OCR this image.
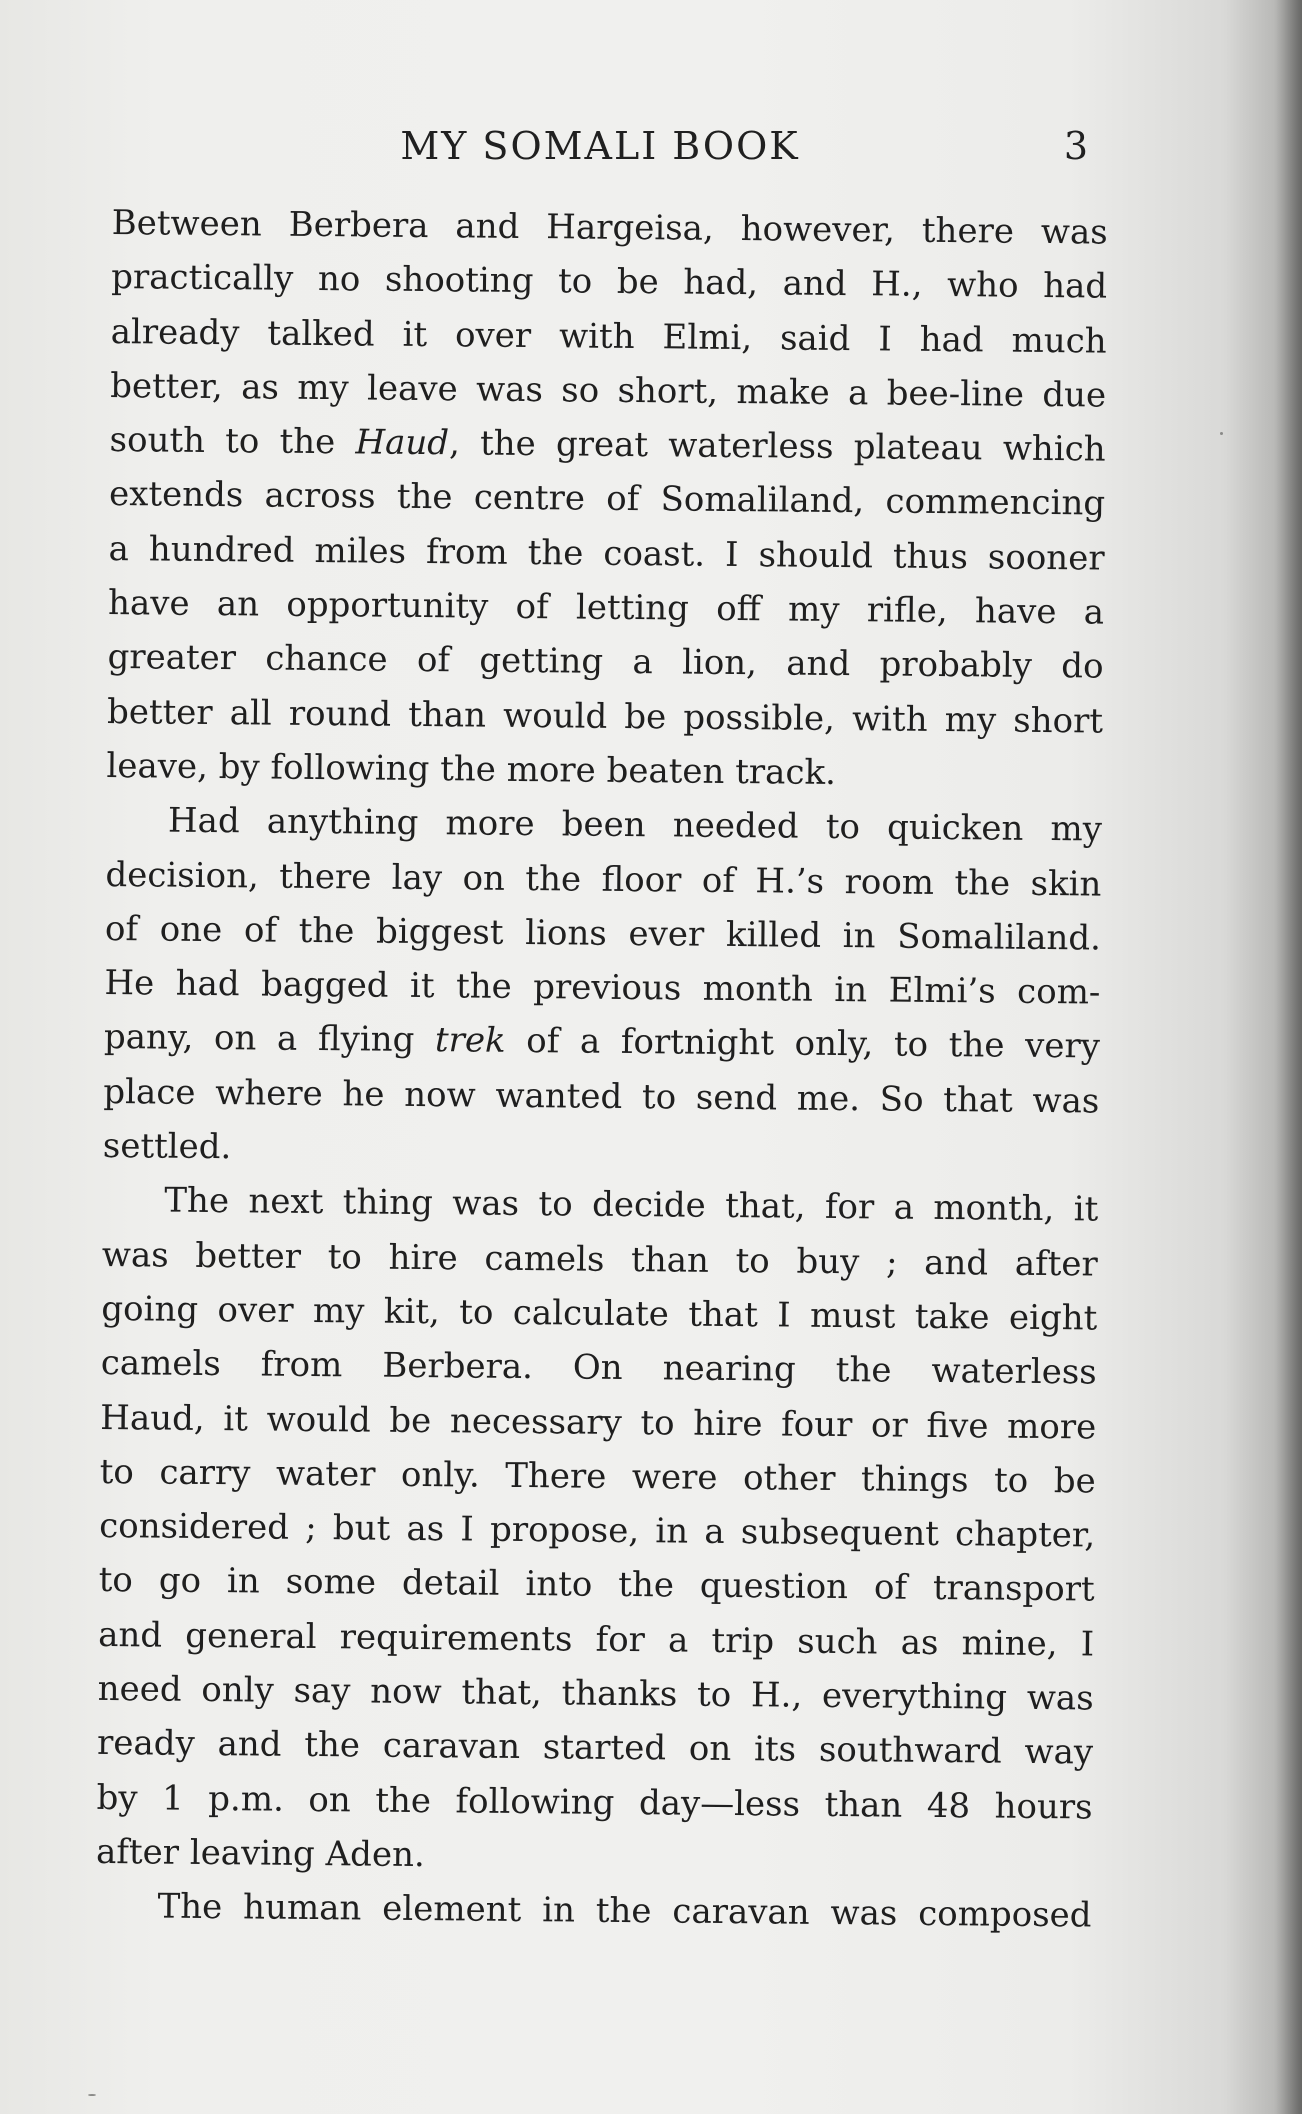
MY SOMALI BOOK	3

Between Berbera and Hargeisa, however, there was
practically no shooting to be had, and H., who had
already talked it over with Elmi, said I had much
better, as my leave was so short, make a bee-line due
south to the Haud, the great waterless plateau which
extends across the centre of Somaliland, commencing
a hundred miles from the coast. I should thus sooner
have an opportunity of letting off my rifle, have a
greater chance of getting a lion, and probably do
better all round than would be possible, with my short
leave, by following the more beaten track.

Had anything more been needed to quicken my
decision, there lay on the floor of H.’s room the skin
of one of the biggest lions ever killed in Somaliland.
He had bagged it the previous month in Elmi’s com-
pany, on a flying trek of a fortnight only, to the very
place where he now wanted to send me. So that was
settled.

The next thing was to decide that, for a month, it
was better to hire camels than to buy ; and after
going over my kit, to calculate that I must take eight
camels from Berbera. On nearing the waterless
Haud, it would be necessary to hire four or five more
to carry water only. There were other things to be
considered ; but as I propose, in a subsequent chapter,
to go in some detail into the question of transport
and general requirements for a trip such as mine, I
need only say now that, thanks to H., everything was
ready and the caravan started on its southward way
by 1 p.m. on the following day—less than 48 hours
after leaving Aden.

The human element in the caravan was composed
